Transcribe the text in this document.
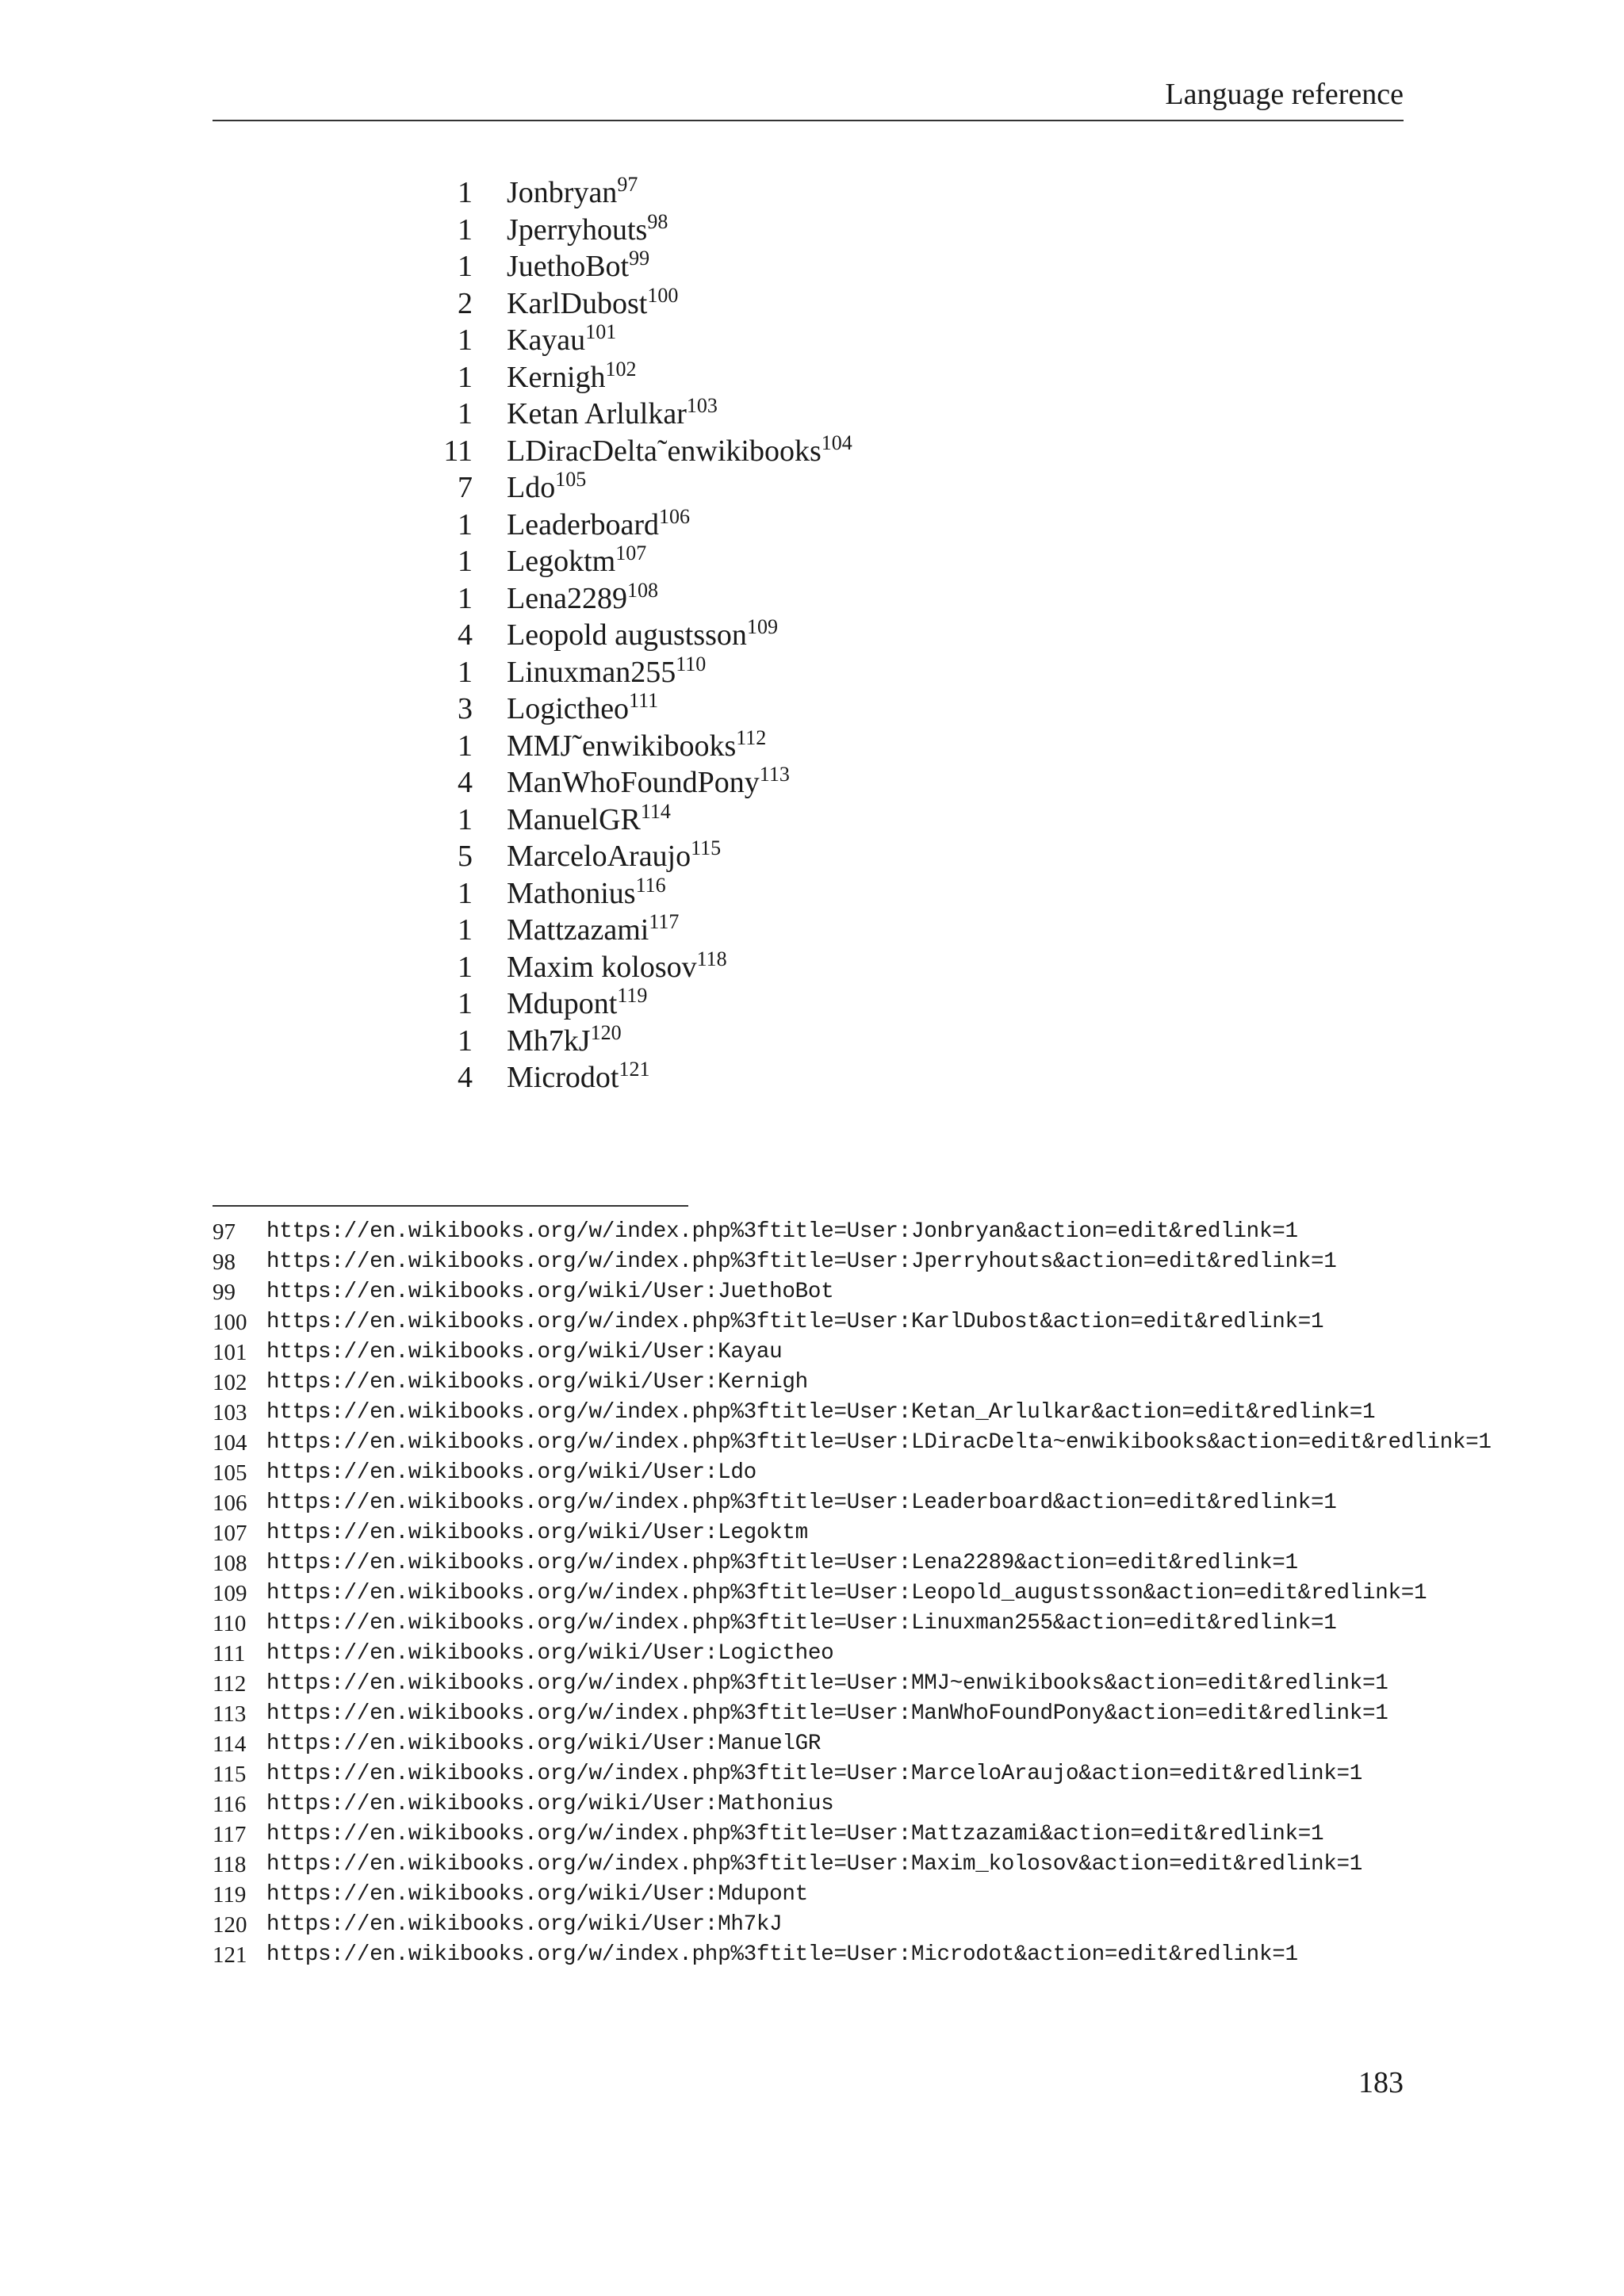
Language reference
1 Jonbryan$^{97}$
1 Jperryhouts$^{98}$
1 JuethoBot$^{99}$
2 KarlDubost$^{100}$
1 Kayau$^{101}$
1 Kernigh$^{102}$
1 Ketan Arlulkar$^{103}$
11 LDiracDelta˜enwikibooks$^{104}$
7 Ldo$^{105}$
1 Leaderboard$^{106}$
1 Legoktm$^{107}$
1 Lena2289$^{108}$
4 Leopold augustsson$^{109}$
1 $Linuxman255^{110}$
3 Logictheo$^{111}$
1 MMJ˜enwikibooks$^{112}$
4 ManWhoFoundPony$^{113}$
1 ManuelGR$^{114}$
5 MarceloAraujo$^{115}$
1 Mathonius$^{116}$
1 Mattzazami$^{117}$
1 Maxim kolosov$^{118}$
1 Mdupont$^{119}$
1 $Mh7kJ^{120}$
4 Microdot$^{121}$
97 https://en.wikibooks.org/w/index.php%3ftitle=User:Jonbryan&action=edit&redlink=1
98 https://en.wikibooks.org/w/index.php%3ftitle=User:Jperryhouts&action=edit&redlink=1
99 https://en.wikibooks.org/wiki/User:JuethoBot
100 https://en.wikibooks.org/w/index.php%3ftitle=User:KarlDubost&action=edit&redlink=1
101 https://en.wikibooks.org/wiki/User:Kayau
102 https://en.wikibooks.org/wiki/User:Kernigh
103 https://en.wikibooks.org/w/index.php%3ftitle=User:Ketan_Arlulkar&action=edit&redlink=1
104 https://en.wikibooks.org/w/index.php%3ftitle=User:LDiracDelta~enwikibooks&action=edit&redlink=1
105 https://en.wikibooks.org/wiki/User:Ldo
106 https://en.wikibooks.org/w/index.php%3ftitle=User:Leaderboard&action=edit&redlink=1
107 https://en.wikibooks.org/wiki/User:Legoktm
108 https://en.wikibooks.org/w/index.php%3ftitle=User:Lena2289&action=edit&redlink=1
109 https://en.wikibooks.org/w/index.php%3ftitle=User:Leopold_augustsson&action=edit&redlink=1
110 https://en.wikibooks.org/w/index.php%3ftitle=User:Linuxman255&action=edit&redlink=1
111 https://en.wikibooks.org/wiki/User:Logictheo
112 https://en.wikibooks.org/w/index.php%3ftitle=User:MMJ~enwikibooks&action=edit&redlink=1
113 https://en.wikibooks.org/w/index.php%3ftitle=User:ManWhoFoundPony&action=edit&redlink=1
114 https://en.wikibooks.org/wiki/User:ManuelGR
115 https://en.wikibooks.org/w/index.php%3ftitle=User:MarceloAraujo&action=edit&redlink=1
116 https://en.wikibooks.org/wiki/User:Mathonius
117 https://en.wikibooks.org/w/index.php%3ftitle=User:Mattzazami&action=edit&redlink=1
118 https://en.wikibooks.org/w/index.php%3ftitle=User:Maxim_kolosov&action=edit&redlink=1
119 https://en.wikibooks.org/wiki/User:Mdupont
120 https://en.wikibooks.org/wiki/User:Mh7kJ
121 https://en.wikibooks.org/w/index.php%3ftitle=User:Microdot&action=edit&redlink=1
183
